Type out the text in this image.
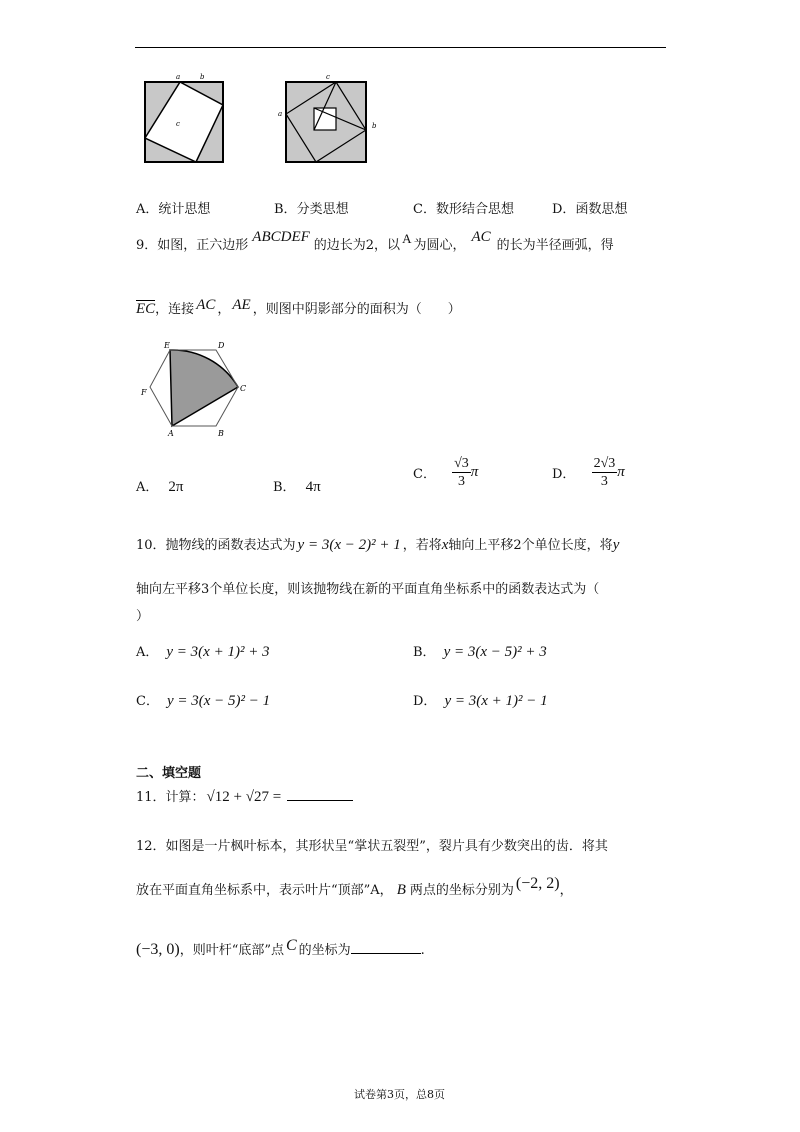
a	b
c
c
a
b
A．统计思想	B．分类思想	C．数形结合思想	D．函数思想
9．如图，正六边形ABCDEF的边长为2，以 A 为圆心，AC的长为半径画弧，得
EC，连接 AC ， AE ，则图中阴影部分的面积为（　　）
E	D
F	C
A	B
A． 2π	B． 4π
C． $\frac{√3}{3}$ π	D． $\frac{2√3}{3}$ π
10．抛物线的函数表达式为 y = 3(x − 2)² + 1 ，若将x轴向上平移2个单位长度，将y
轴向左平移3个单位长度，则该抛物线在新的平面直角坐标系中的函数表达式为（
）
A． y = 3(x + 1)² + 3	B． y = 3(x − 5)² + 3
C． y = 3(x − 5)² − 1	D． y = 3(x + 1)² − 1
二、填空题
11．计算： √12 + √27 =
12．如图是一片枫叶标本，其形状呈“掌状五裂型”，裂片具有少数突出的齿．将其
放在平面直角坐标系中，表示叶片“顶部”A， B 两点的坐标分别为 (−2, 2)，
(−3, 0)，则叶杆“底部”点 C 的坐标为	.
试卷第3页，总8页
